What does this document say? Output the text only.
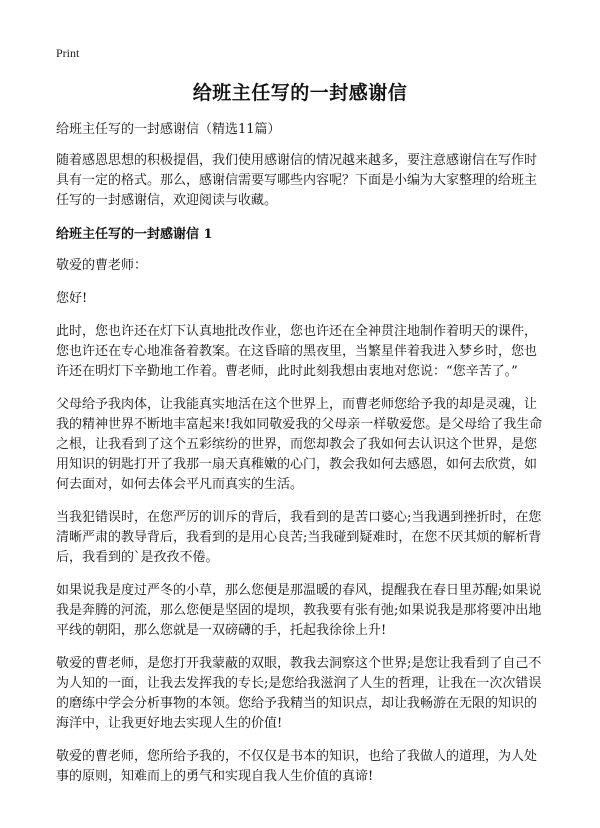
Print
给班主任写的一封感谢信

给班主任写的一封感谢信（精选11篇）

随着感恩思想的积极提倡，我们使用感谢信的情况越来越多，要注意感谢信在写作时具有一定的格式。那么，感谢信需要写哪些内容呢？下面是小编为大家整理的给班主任写的一封感谢信，欢迎阅读与收藏。

给班主任写的一封感谢信 1

敬爱的曹老师：

您好!

此时，您也许还在灯下认真地批改作业，您也许还在全神贯注地制作着明天的课件，您也许还在专心地准备着教案。在这昏暗的黑夜里，当繁星伴着我进入梦乡时，您也许还在明灯下辛勤地工作着。曹老师，此时此刻我想由衷地对您说：“您辛苦了。”

父母给予我肉体，让我能真实地活在这个世界上，而曹老师您给予我的却是灵魂，让我的精神世界不断地丰富起来!我如同敬爱我的父母亲一样敬爱您。是父母给了我生命之根，让我看到了这个五彩缤纷的世界，而您却教会了我如何去认识这个世界，是您用知识的钥匙打开了我那一扇天真稚嫩的心门，教会我如何去感恩，如何去欣赏，如何去面对，如何去体会平凡而真实的生活。

当我犯错误时，在您严厉的训斥的背后，我看到的是苦口婆心;当我遇到挫折时，在您清晰严肃的教导背后，我看到的是用心良苦;当我碰到疑难时，在您不厌其烦的解析背后，我看到的`是孜孜不倦。

如果说我是度过严冬的小草，那么您便是那温暖的春风，提醒我在春日里苏醒;如果说我是奔腾的河流，那么您便是坚固的堤坝，教我要有张有弛;如果说我是那将要冲出地平线的朝阳，那么您就是一双磅礴的手，托起我徐徐上升!

敬爱的曹老师，是您打开我蒙蔽的双眼，教我去洞察这个世界;是您让我看到了自己不为人知的一面，让我去发挥我的专长;是您给我滋润了人生的哲理，让我在一次次错误的磨练中学会分析事物的本领。您给予我精当的知识点，却让我畅游在无限的知识的海洋中，让我更好地去实现人生的价值!

敬爱的曹老师，您所给予我的，不仅仅是书本的知识，也给了我做人的道理，为人处事的原则，知难而上的勇气和实现自我人生价值的真谛!
